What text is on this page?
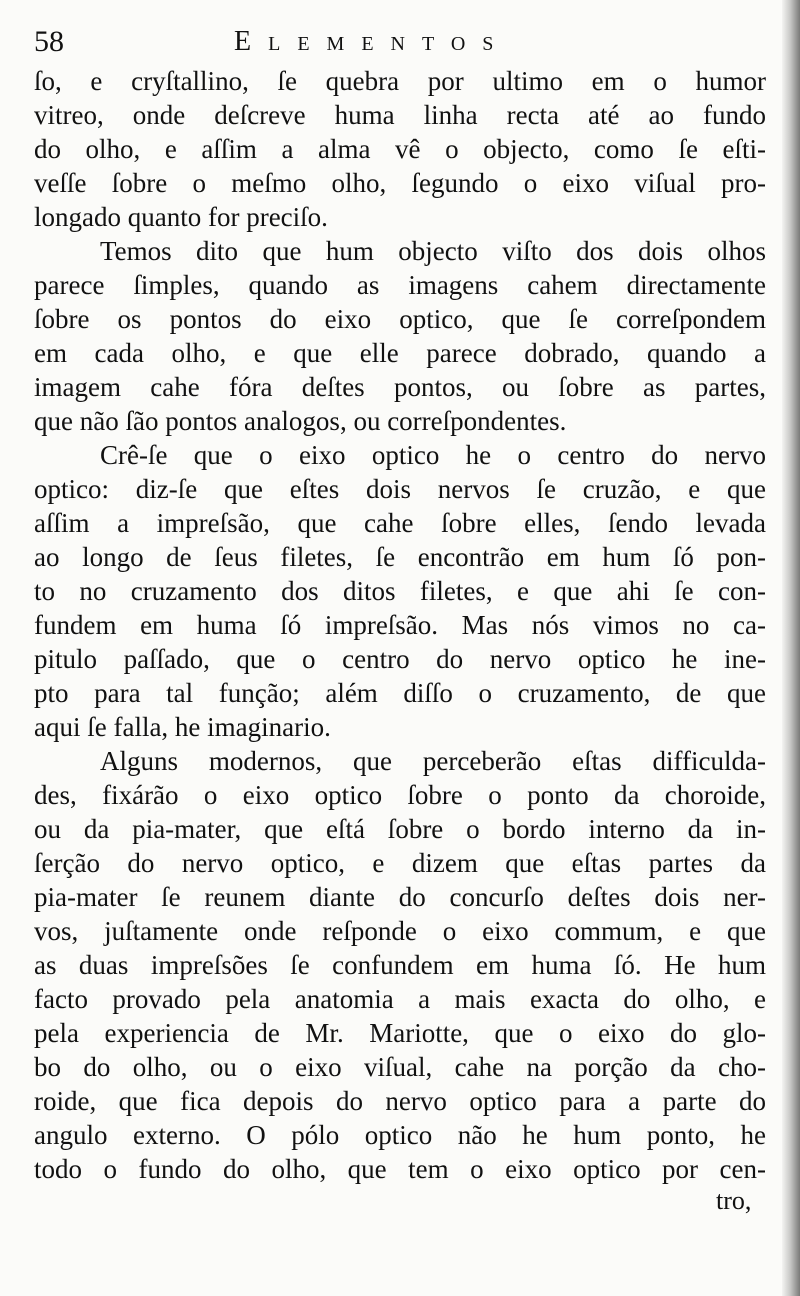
58	Elementos
ſo, e cryſtallino, ſe quebra por ultimo em o humor
vitreo, onde deſcreve huma linha recta até ao fundo
do olho, e aſſim a alma vê o objecto, como ſe eſti-
veſſe ſobre o meſmo olho, ſegundo o eixo viſual pro-
longado quanto for preciſo.
Temos dito que hum objecto viſto dos dois olhos
parece ſimples, quando as imagens cahem directamente
ſobre os pontos do eixo optico, que ſe correſpondem
em cada olho, e que elle parece dobrado, quando a
imagem cahe fóra deſtes pontos, ou ſobre as partes,
que não ſão pontos analogos, ou correſpondentes.
Crê-ſe que o eixo optico he o centro do nervo
optico: diz-ſe que eſtes dois nervos ſe cruzão, e que
aſſim a impreſsão, que cahe ſobre elles, ſendo levada
ao longo de ſeus filetes, ſe encontrão em hum ſó pon-
to no cruzamento dos ditos filetes, e que ahi ſe con-
fundem em huma ſó impreſsão. Mas nós vimos no ca-
pitulo paſſado, que o centro do nervo optico he ine-
pto para tal função; além diſſo o cruzamento, de que
aqui ſe falla, he imaginario.
Alguns modernos, que perceberão eſtas difficulda-
des, fixárão o eixo optico ſobre o ponto da choroide,
ou da pia-mater, que eſtá ſobre o bordo interno da in-
ſerção do nervo optico, e dizem que eſtas partes da
pia-mater ſe reunem diante do concurſo deſtes dois ner-
vos, juſtamente onde reſponde o eixo commum, e que
as duas impreſsões ſe confundem em huma ſó. He hum
facto provado pela anatomia a mais exacta do olho, e
pela experiencia de Mr. Mariotte, que o eixo do glo-
bo do olho, ou o eixo viſual, cahe na porção da cho-
roide, que fica depois do nervo optico para a parte do
angulo externo. O pólo optico não he hum ponto, he
todo o fundo do olho, que tem o eixo optico por cen-
tro,
